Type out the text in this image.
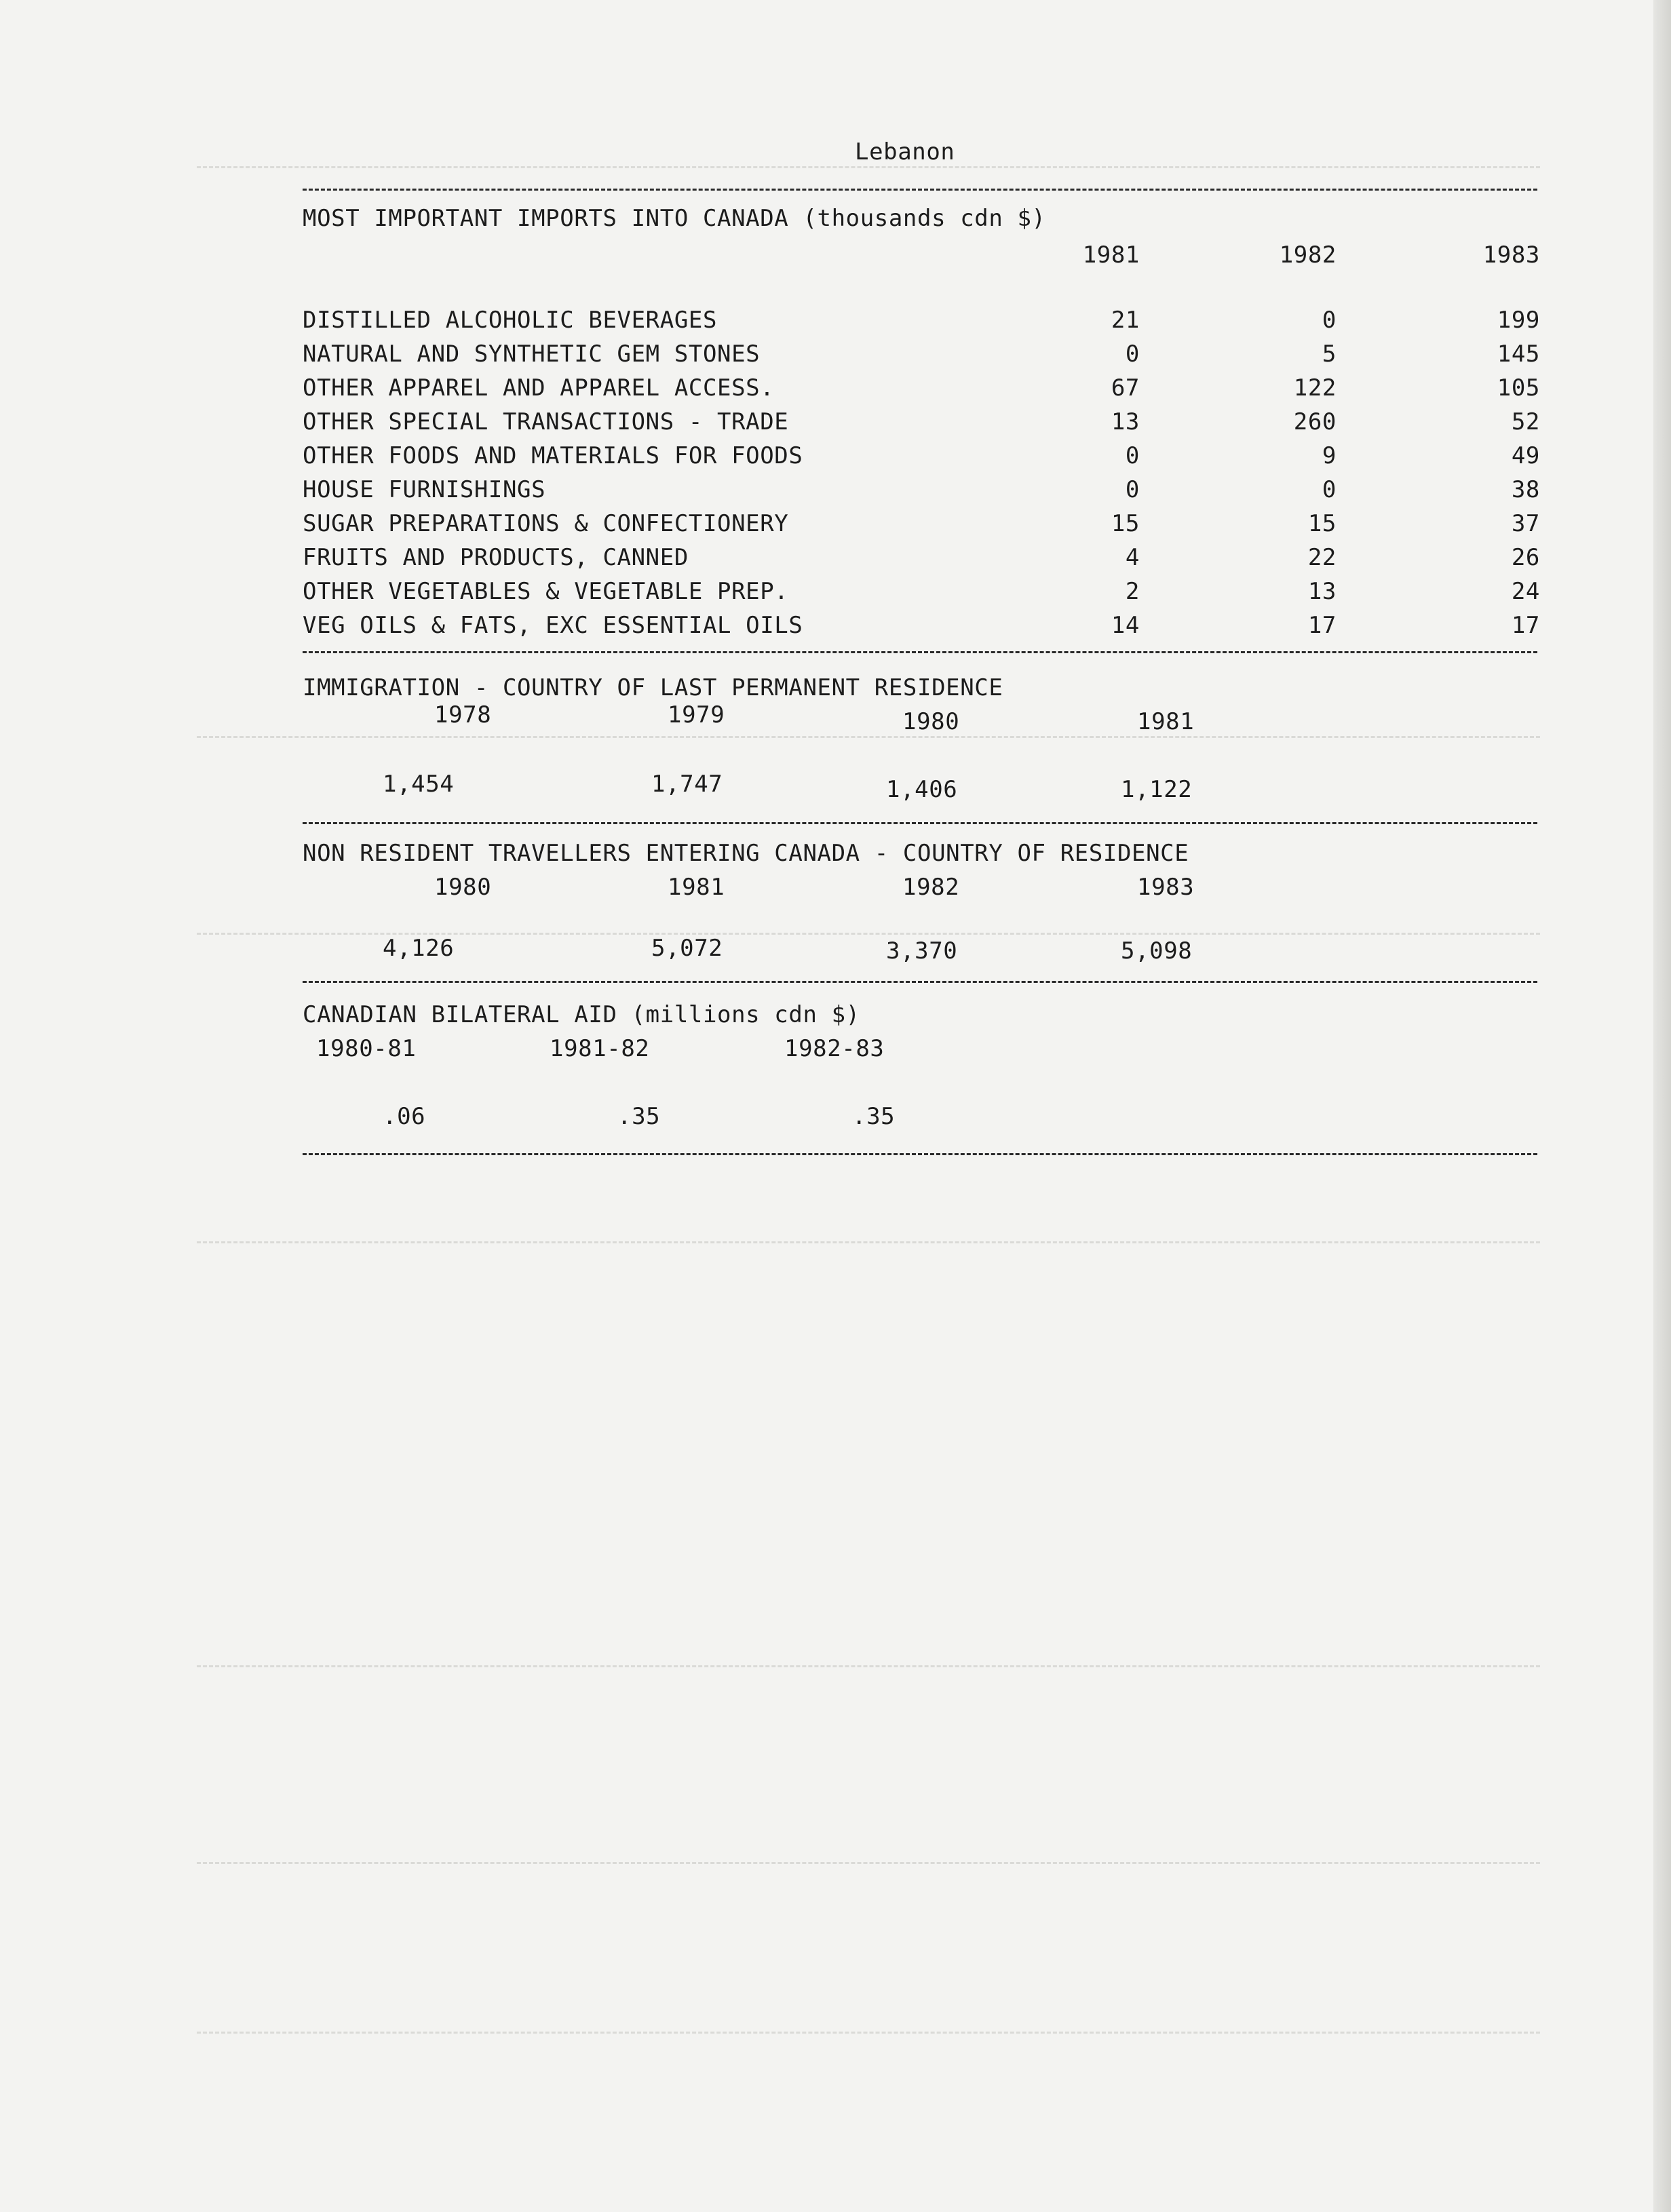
Lebanon
MOST IMPORTANT IMPORTS INTO CANADA (thousands cdn $)
1981	1982	1983
DISTILLED ALCOHOLIC BEVERAGES	21	0	199
NATURAL AND SYNTHETIC GEM STONES	0	5	145
OTHER APPAREL AND APPAREL ACCESS.	67	122	105
OTHER SPECIAL TRANSACTIONS - TRADE	13	260	52
OTHER FOODS AND MATERIALS FOR FOODS	0	9	49
HOUSE FURNISHINGS	0	0	38
SUGAR PREPARATIONS & CONFECTIONERY	15	15	37
FRUITS AND PRODUCTS, CANNED	4	22	26
OTHER VEGETABLES & VEGETABLE PREP.	2	13	24
VEG OILS & FATS, EXC ESSENTIAL OILS	14	17	17
IMMIGRATION - COUNTRY OF LAST PERMANENT RESIDENCE
1978	1979	1980	1981
1,454	1,747	1,406	1,122
NON RESIDENT TRAVELLERS ENTERING CANADA - COUNTRY OF RESIDENCE
1980	1981	1982	1983
4,126	5,072	3,370	5,098
CANADIAN BILATERAL AID (millions cdn $)
1980-81	1981-82	1982-83
.06	.35	.35
